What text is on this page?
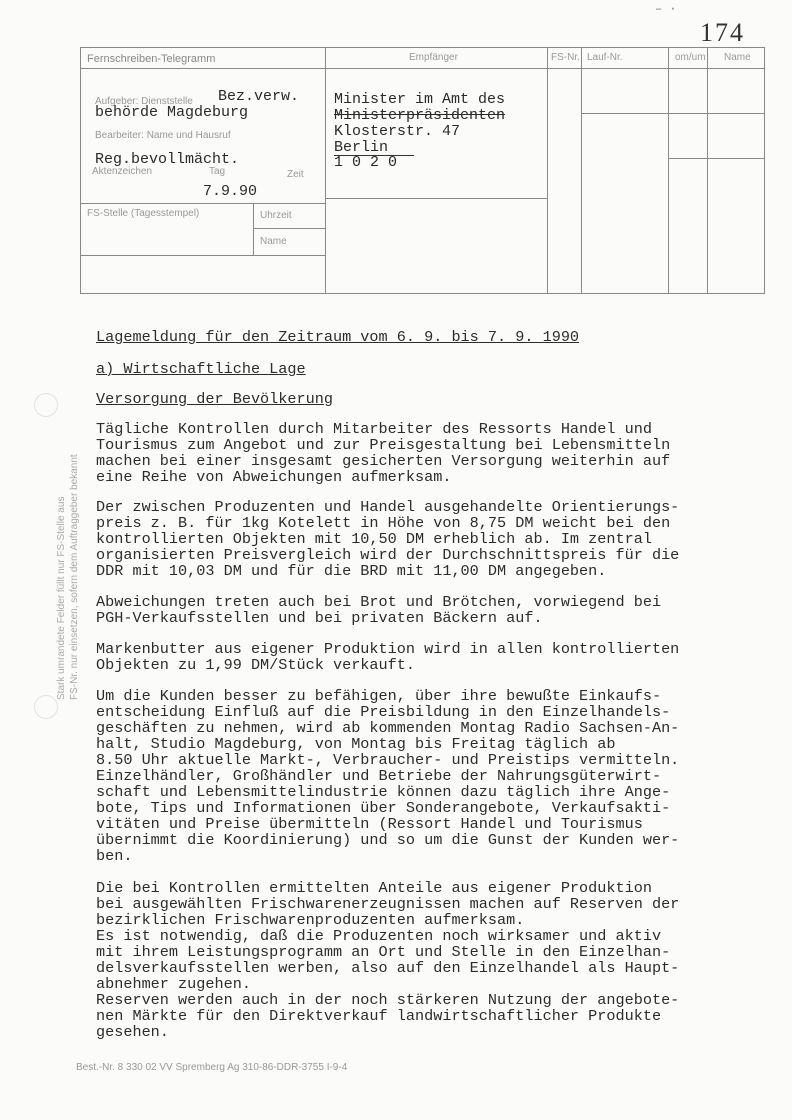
‒ ·
174
Fernschreiben-Telegramm	Empfänger	FS-Nr. Lauf-Nr.	om/um Name
Aufgeber: Dienststelle Bez.verw.
behörde Magdeburg
Bearbeiter: Name und Hausruf
Reg.bevollmächt.
Aktenzeichen	Tag	Zeit
7.9.90
FS-Stelle (Tagesstempel)	Uhrzeit
Name
Minister im Amt des
Ministerpräsidenten
Klosterstr. 47
Berlin
1 0 2 0
Lagemeldung für den Zeitraum vom 6. 9. bis 7. 9. 1990
a) Wirtschaftliche Lage
Versorgung der Bevölkerung
Tägliche Kontrollen durch Mitarbeiter des Ressorts Handel und
Tourismus zum Angebot und zur Preisgestaltung bei Lebensmitteln
machen bei einer insgesamt gesicherten Versorgung weiterhin auf
eine Reihe von Abweichungen aufmerksam.
Der zwischen Produzenten und Handel ausgehandelte Orientierungs-
preis z. B. für 1kg Kotelett in Höhe von 8,75 DM weicht bei den
kontrollierten Objekten mit 10,50 DM erheblich ab. Im zentral
organisierten Preisvergleich wird der Durchschnittspreis für die
DDR mit 10,03 DM und für die BRD mit 11,00 DM angegeben.
Abweichungen treten auch bei Brot und Brötchen, vorwiegend bei
PGH-Verkaufsstellen und bei privaten Bäckern auf.
Markenbutter aus eigener Produktion wird in allen kontrollierten
Objekten zu 1,99 DM/Stück verkauft.
Um die Kunden besser zu befähigen, über ihre bewußte Einkaufs-
entscheidung Einfluß auf die Preisbildung in den Einzelhandels-
geschäften zu nehmen, wird ab kommenden Montag Radio Sachsen-An-
halt, Studio Magdeburg, von Montag bis Freitag täglich ab
8.50 Uhr aktuelle Markt-, Verbraucher- und Preistips vermitteln.
Einzelhändler, Großhändler und Betriebe der Nahrungsgüterwirt-
schaft und Lebensmittelindustrie können dazu täglich ihre Ange-
bote, Tips und Informationen über Sonderangebote, Verkaufsakti-
vitäten und Preise übermitteln (Ressort Handel und Tourismus
übernimmt die Koordinierung) und so um die Gunst der Kunden wer-
ben.
Die bei Kontrollen ermittelten Anteile aus eigener Produktion
bei ausgewählten Frischwarenerzeugnissen machen auf Reserven der
bezirklichen Frischwarenproduzenten aufmerksam.
Es ist notwendig, daß die Produzenten noch wirksamer und aktiv
mit ihrem Leistungsprogramm an Ort und Stelle in den Einzelhan-
delsverkaufsstellen werben, also auf den Einzelhandel als Haupt-
abnehmer zugehen.
Reserven werden auch in der noch stärkeren Nutzung der angebote-
nen Märkte für den Direktverkauf landwirtschaftlicher Produkte
gesehen.
Stark umrandete Felder füllt nur FS-Stelle aus FS-Nr. nur einsetzen, sofern dem Auftraggeber bekannt
Best.-Nr. 8 330 02 VV Spremberg Ag 310-86-DDR-3755 I-9-4
